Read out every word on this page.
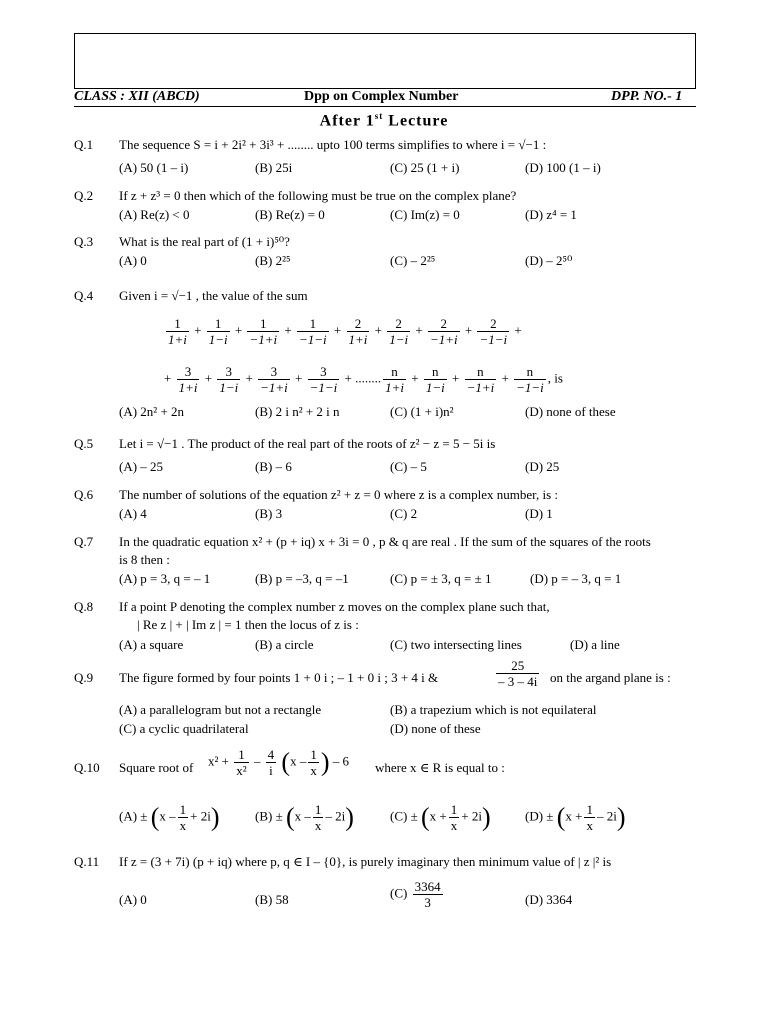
CLASS : XII (ABCD)	Dpp on Complex Number	DPP. NO.- 1
After 1st Lecture
Q.1 The sequence S = i + 2i² + 3i³ + ........ upto 100 terms simplifies to where i = √−1 :
(A) 50 (1 – i)	(B) 25i	(C) 25 (1 + i)	(D) 100 (1 – i)
Q.2 If z + z³ = 0 then which of the following must be true on the complex plane?
(A) Re(z) < 0	(B) Re(z) = 0	(C) Im(z) = 0	(D) z⁴ = 1
Q.3 What is the real part of (1 + i)⁵⁰?
(A) 0	(B) 2²⁵	(C) – 2²⁵	(D) – 2⁵⁰
Q.4 Given i = √−1 , the value of the sum
$\frac{1}{1+i} + \frac{1}{1-i} + \frac{1}{-1+i} + \frac{1}{-1-i} + \frac{2}{1+i} + \frac{2}{1-i} + \frac{2}{-1+i} + \frac{2}{-1-i}$ +
+ $\frac{3}{1+i} + \frac{3}{1-i} + \frac{3}{-1+i} + \frac{3}{-1-i}$ + ........ $\frac{n}{1+i} + \frac{n}{1-i} + \frac{n}{-1+i} + \frac{n}{-1-i}$ , is
(A) 2n² + 2n	(B) 2 i n² + 2 i n	(C) (1 + i)n²	(D) none of these
Q.5 Let i = √−1 . The product of the real part of the roots of z² − z = 5 − 5i is
(A) – 25	(B) – 6	(C) – 5	(D) 25
Q.6 The number of solutions of the equation z² + z = 0 where z is a complex number, is :
(A) 4	(B) 3	(C) 2	(D) 1
Q.7 In the quadratic equation x² + (p + iq) x + 3i = 0 , p & q are real . If the sum of the squares of the roots
is 8 then :
(A) p = 3, q = – 1	(B) p = –3, q = –1	(C) p = ± 3, q = ± 1	(D) p = – 3, q = 1
Q.8 If a point P denoting the complex number z moves on the complex plane such that,
| Re z | + | Im z | = 1 then the locus of z is :
(A) a square	(B) a circle	(C) two intersecting lines	(D) a line
Q.9 The figure formed by four points 1 + 0 i ; – 1 + 0 i ; 3 + 4 i &	$\frac{25}{- 3 - 4i}$ on the argand plane is :
(A) a parallelogram but not a rectangle	(B) a trapezium which is not equilateral
(C) a cyclic quadrilateral	(D) none of these
Q.10 Square root of $x^2 + \frac{1}{\text{x²}} - \frac{4}{i} (x - \frac{1}{x}$ ) – 6 where x ∈ R is equal to :
$(A) \pm (x - \frac{1}{x} + 2i)$	$(B) \pm (x - \frac{1}{x} - 2i)$	$(C) \pm (x + \frac{1}{x} + 2i)$	$(D) \pm (x + \frac{1}{x} - 2i)$
Q.11 If z = (3 + 7i) (p + iq) where p, q ∈ I – {0}, is purely imaginary then minimum value of | z |² is
(A) 0	(B) 58	$(C) \frac{3364}{3}$	(D) 3364
